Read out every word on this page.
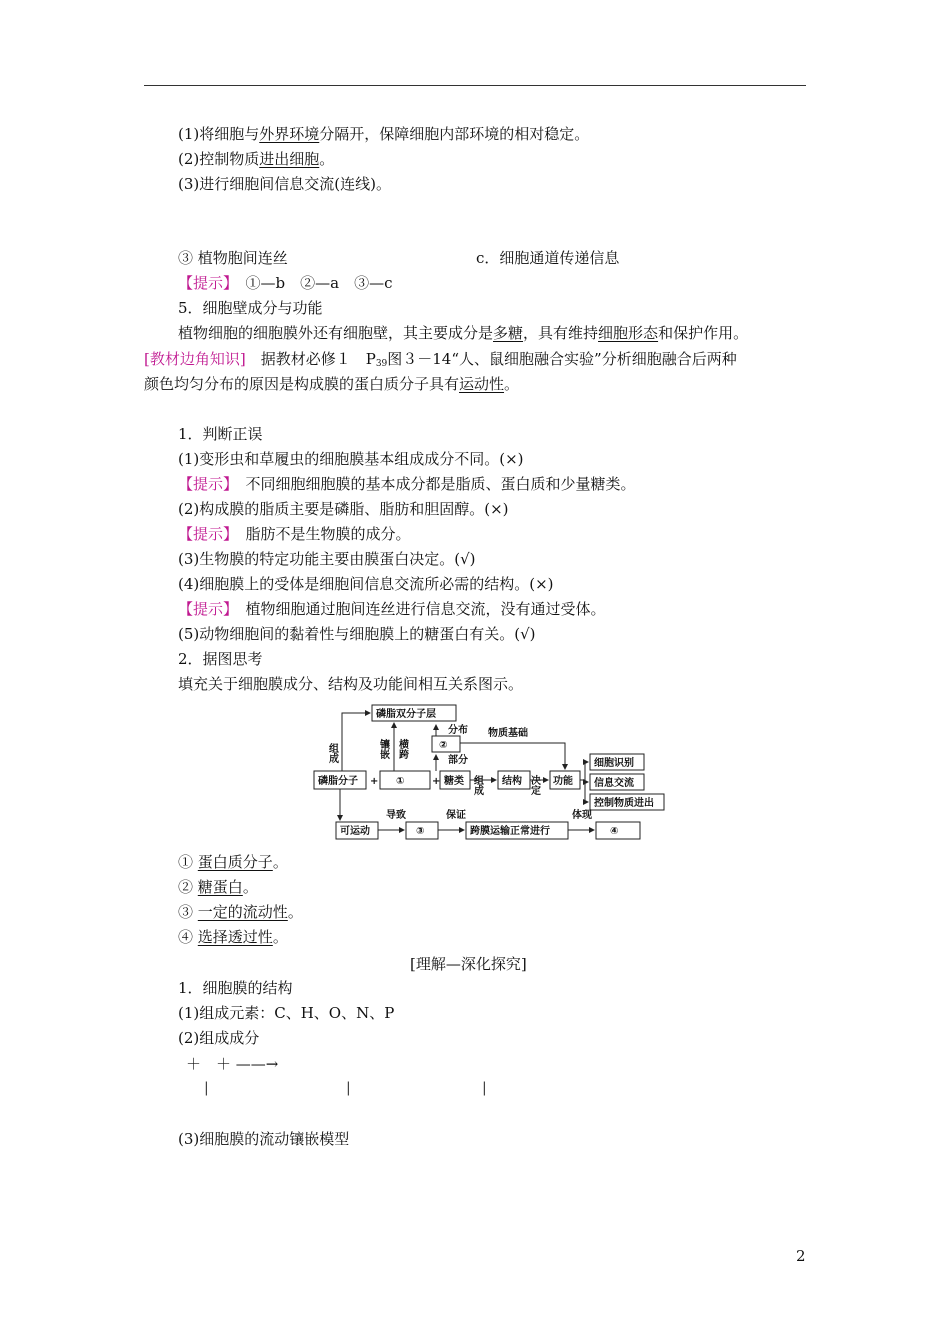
(1)将细胞与外界环境分隔开，保障细胞内部环境的相对稳定。
(2)控制物质进出细胞。
(3)进行细胞间信息交流(连线)。
③ 植物胞间连丝	c．细胞通道传递信息
【提示】　 ①—b　②—a　③—c
5．细胞壁成分与功能
植物细胞的细胞膜外还有细胞壁，其主要成分是多糖，具有维持细胞形态和保护作用。
[教材边角知识]　据教材必修１　$P_{39}$图３－14“人、鼠细胞融合实验”分析细胞融合后两种
颜色均匀分布的原因是构成膜的蛋白质分子具有运动性。
1．判断正误
(1)变形虫和草履虫的细胞膜基本组成成分不同。(×)
【提示】　不同细胞细胞膜的基本成分都是脂质、蛋白质和少量糖类。
(2)构成膜的脂质主要是磷脂、脂肪和胆固醇。(×)
【提示】　脂肪不是生物膜的成分。
(3)生物膜的特定功能主要由膜蛋白决定。(√)
(4)细胞膜上的受体是细胞间信息交流所必需的结构。(×)
【提示】　植物细胞通过胞间连丝进行信息交流，没有通过受体。
(5)动物细胞间的黏着性与细胞膜上的糖蛋白有关。(√)
2．据图思考
填充关于细胞膜成分、结构及功能间相互关系图示。
磷脂双分子层
②
分布 物质基础
组成	镶嵌 横跨
部分
磷脂分子 + ①	+ 糖类 组成 结构 决定 功能
细胞识别
信息交流
控制物质进出
可运动
导致
③
保证
跨膜运输正常进行
体现
④
① 蛋白质分子。
② 糖蛋白。
③ 一定的流动性。
④ 选择透过性。
[理解—深化探究]
1．细胞膜的结构
(1)组成元素：C、H、O、N、P
(2)组成成分
＋　＋ ——→
|	|	|
(3)细胞膜的流动镶嵌模型
2
